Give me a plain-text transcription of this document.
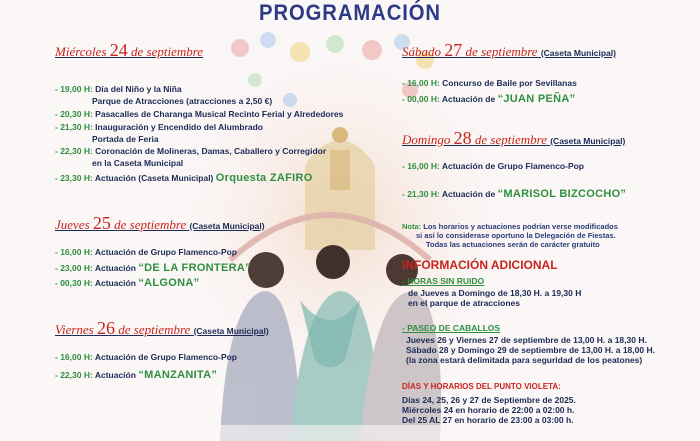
PROGRAMACIÓN
Miércoles 24 de septiembre
- 19,00 H: Día del Niño y la Niña
Parque de Atracciones (atracciones a 2,50 €)
- 20,30 H: Pasacalles de Charanga Musical Recinto Ferial y Alrededores
- 21,30 H: Inauguración y Encendido del Alumbrado
Portada de Feria
- 22,30 H: Coronación de Molineras, Damas, Caballero y Corregidor
en la Caseta Municipal
- 23,30 H: Actuación (Caseta Municipal) Orquesta ZAFIRO
Jueves 25 de septiembre (Caseta Municipal)
- 16,00 H: Actuación de Grupo Flamenco-Pop
- 23,00 H: Actuación “DE LA FRONTERA”
- 00,30 H: Actuación “ALGONA”
Viernes 26 de septiembre (Caseta Municipal)
- 16,00 H: Actuación de Grupo Flamenco-Pop
- 22,30 H: Actuación “MANZANITA”
Sábado 27 de septiembre (Caseta Municipal)
- 16,00 H: Concurso de Baile por Sevillanas
- 00,00 H: Actuación de “JUAN PEÑA”
Domingo 28 de septiembre (Caseta Municipal)
- 16,00 H: Actuación de Grupo Flamenco-Pop
- 21,30 H: Actuación de “MARISOL BIZCOCHO”
Nota: Los horarios y actuaciones podrían verse modificados
si así lo considerase oportuno la Delegación de Fiestas.
Todas las actuaciones serán de carácter gratuito
INFORMACIÓN ADICIONAL
- HORAS SIN RUIDO
de Jueves a Domingo de 18,30 H. a 19,30 H
en el parque de atracciones
- PASEO DE CABALLOS
Jueves 26 y Viernes 27 de septiembre de 13,00 H. a 18,30 H.
Sábado 28 y Domingo 29 de septiembre de 13,00 H. a 18,00 H.
(la zona estará delimitada para seguridad de los peatones)
DÍAS Y HORARIOS DEL PUNTO VIOLETA:
Días 24, 25, 26 y 27 de Septiembre de 2025.
Miércoles 24 en horario de 22:00 a 02:00 h.
Del 25 AL 27 en horario de 23:00 a 03:00 h.
